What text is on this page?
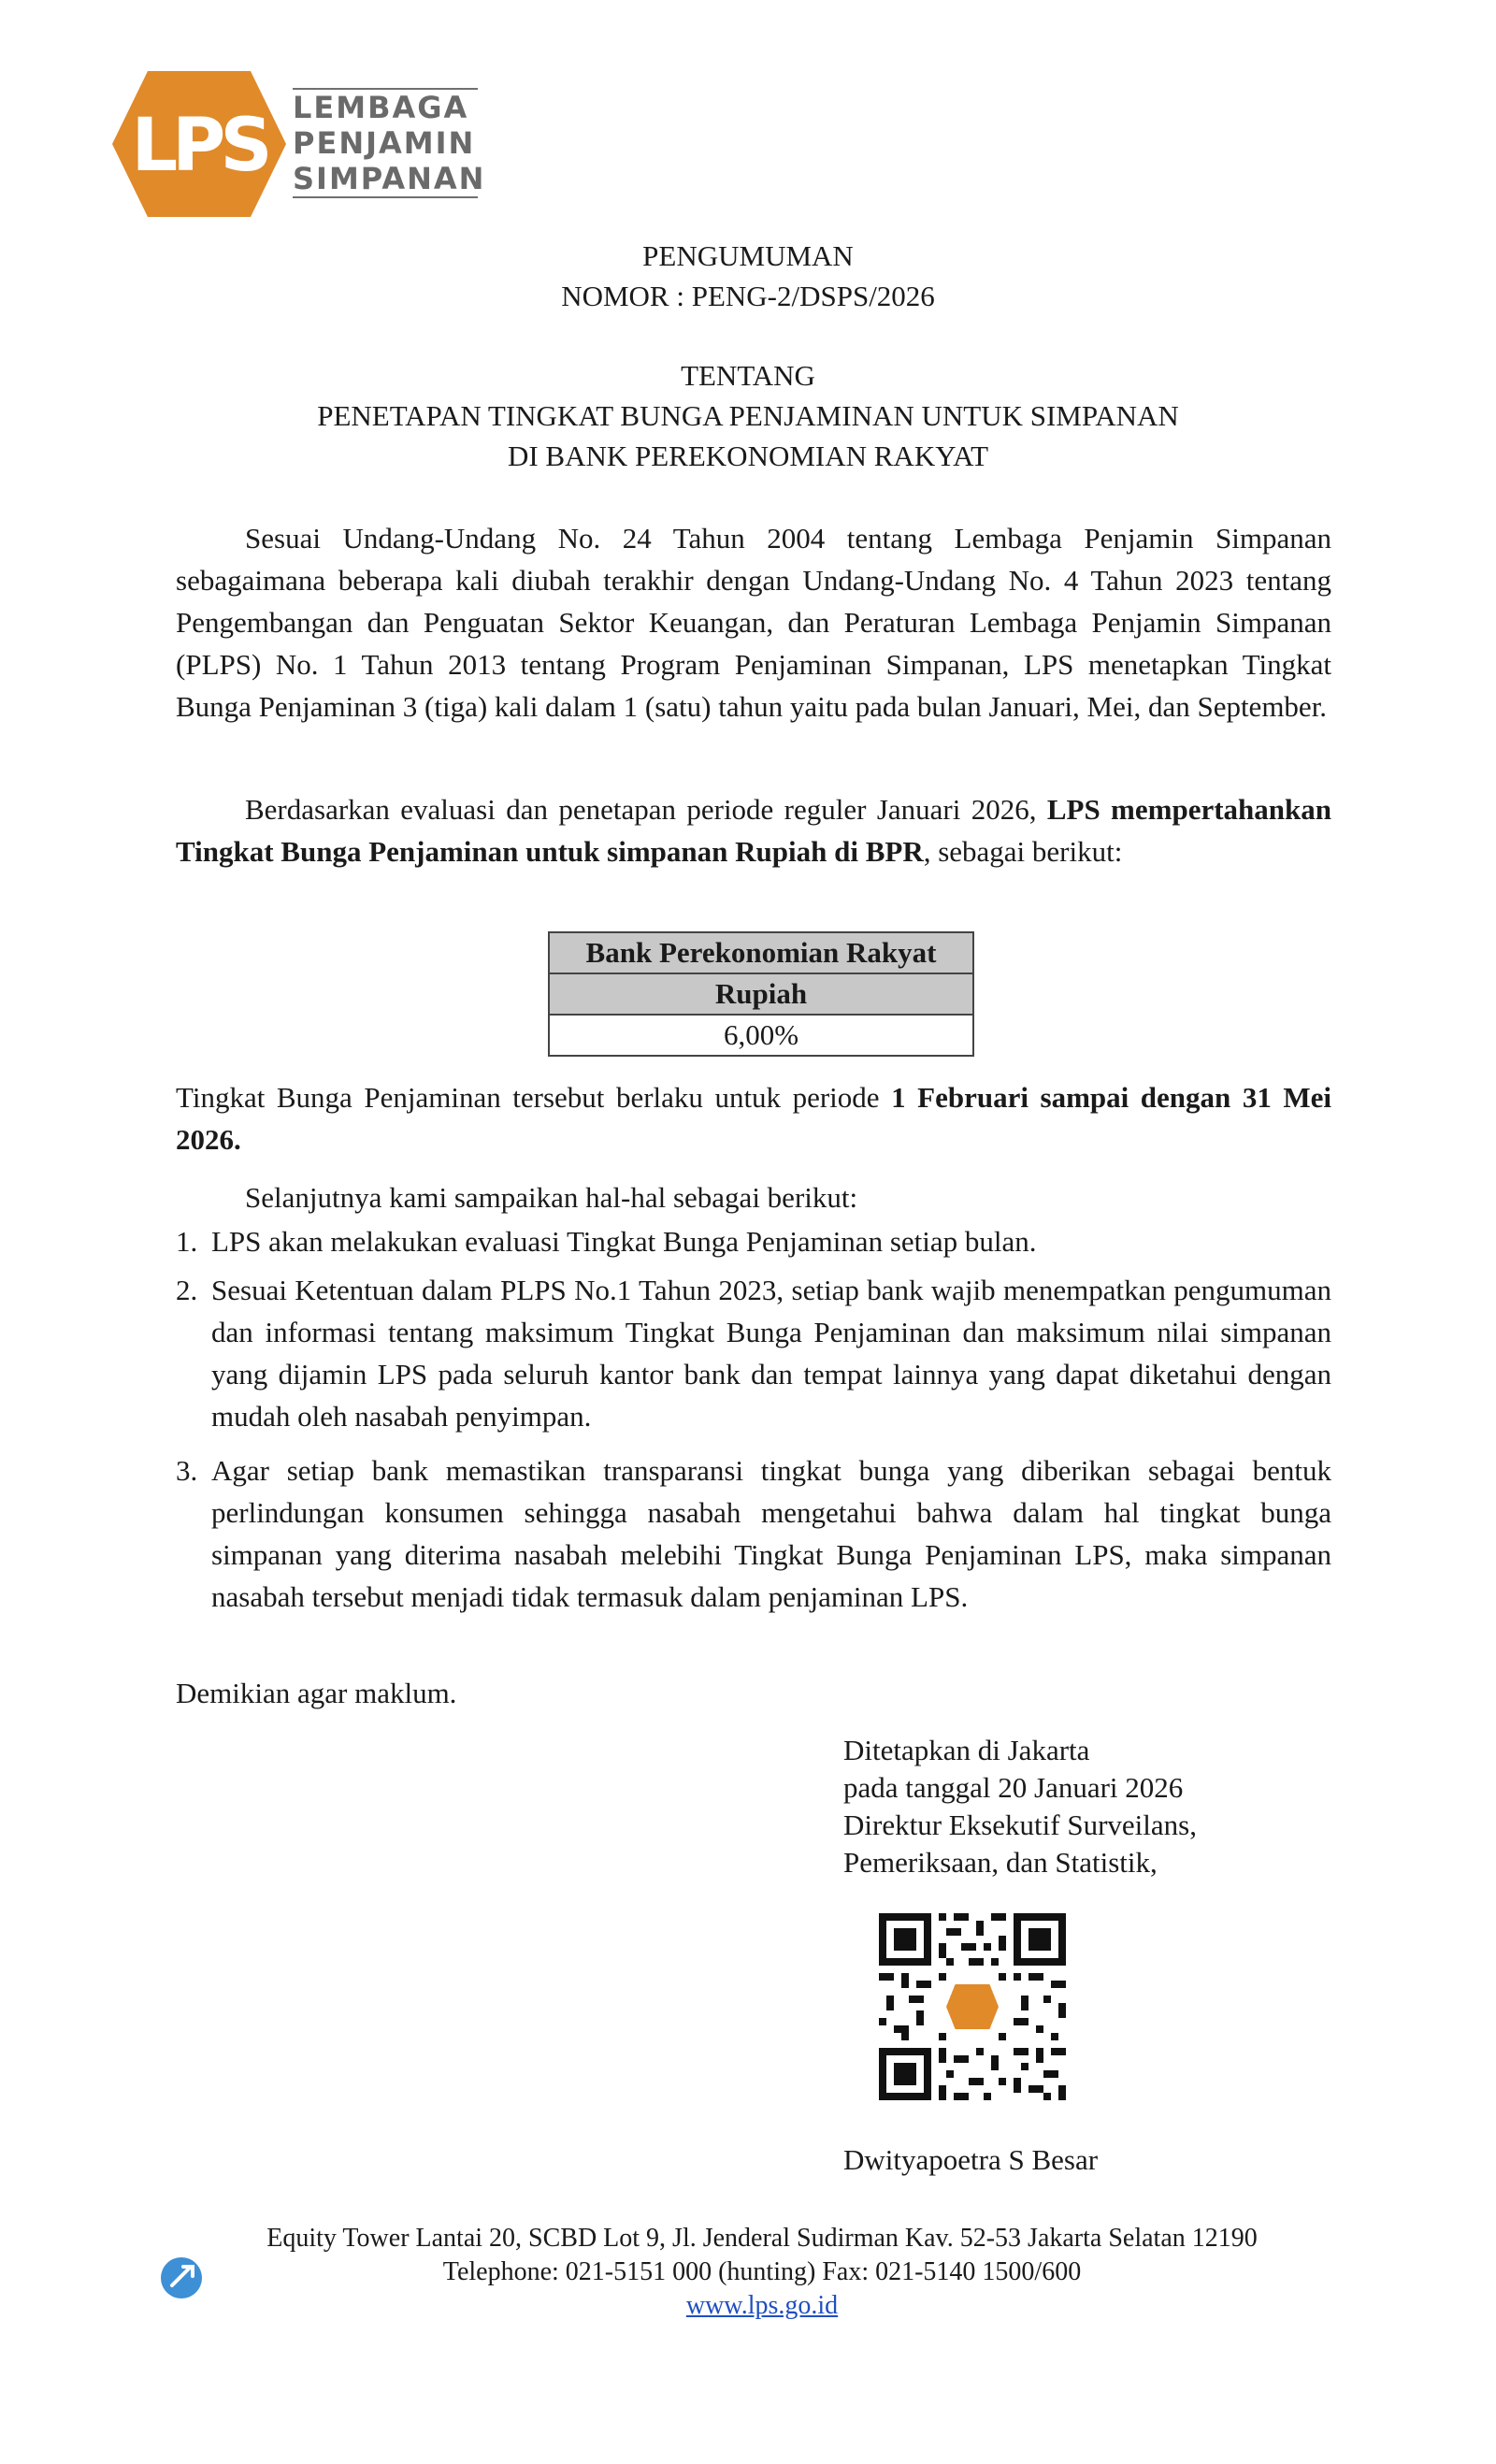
LPS LEMBAGA
PENJAMIN
SIMPANAN
PENGUMUMAN
NOMOR : PENG-2/DSPS/2026
TENTANG
PENETAPAN TINGKAT BUNGA PENJAMINAN UNTUK SIMPANAN
DI BANK PEREKONOMIAN RAKYAT

Sesuai Undang-Undang No. 24 Tahun 2004 tentang Lembaga Penjamin Simpanan sebagaimana beberapa kali diubah terakhir dengan Undang-Undang No. 4 Tahun 2023 tentang Pengembangan dan Penguatan Sektor Keuangan, dan Peraturan Lembaga Penjamin Simpanan (PLPS) No. 1 Tahun 2013 tentang Program Penjaminan Simpanan, LPS menetapkan Tingkat Bunga Penjaminan 3 (tiga) kali dalam 1 (satu) tahun yaitu pada bulan Januari, Mei, dan September.

Berdasarkan evaluasi dan penetapan periode reguler Januari 2026, LPS mempertahankan Tingkat Bunga Penjaminan untuk simpanan Rupiah di BPR, sebagai berikut:

Bank Perekonomian Rakyat
Rupiah
6,00%

Tingkat Bunga Penjaminan tersebut berlaku untuk periode 1 Februari sampai dengan 31 Mei 2026.

Selanjutnya kami sampaikan hal-hal sebagai berikut:

1. LPS akan melakukan evaluasi Tingkat Bunga Penjaminan setiap bulan.
2. Sesuai Ketentuan dalam PLPS No.1 Tahun 2023, setiap bank wajib menempatkan pengumuman dan informasi tentang maksimum Tingkat Bunga Penjaminan dan maksimum nilai simpanan yang dijamin LPS pada seluruh kantor bank dan tempat lainnya yang dapat diketahui dengan mudah oleh nasabah penyimpan.
3. Agar setiap bank memastikan transparansi tingkat bunga yang diberikan sebagai bentuk perlindungan konsumen sehingga nasabah mengetahui bahwa dalam hal tingkat bunga simpanan yang diterima nasabah melebihi Tingkat Bunga Penjaminan LPS, maka simpanan nasabah tersebut menjadi tidak termasuk dalam penjaminan LPS.

Demikian agar maklum.

Ditetapkan di Jakarta
pada tanggal 20 Januari 2026
Direktur Eksekutif Surveilans,
Pemeriksaan, dan Statistik,
Dwityapoetra S Besar
Equity Tower Lantai 20, SCBD Lot 9, Jl. Jenderal Sudirman Kav. 52-53 Jakarta Selatan 12190
Telephone: 021-5151 000 (hunting) Fax: 021-5140 1500/600
www.lps.go.id
